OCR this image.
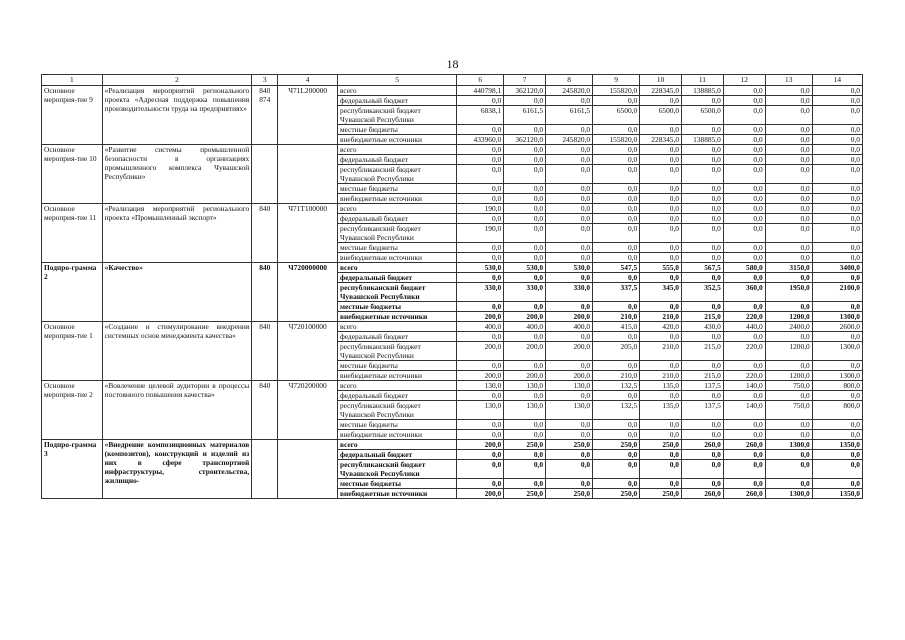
18
1	2	3	4	5	6	7	8	9	10	11	12	13	14
Основное мероприя-тие 9	«Реализация мероприятий регионального проекта «Адресная поддержка повышения производительности труда на предприятиях»	840 874	Ч71L200000	всего	440798,1	362120,0	245820,0	155820,0	228345,0	138885,0	0,0	0,0	0,0
				федеральный бюджет	0,0	0,0	0,0	0,0	0,0	0,0	0,0	0,0	0,0
				республиканский бюджет Чувашской Республики	6838,1	6161,5	6161,5	6500,0	6500,0	6500,0	0,0	0,0	0,0
				местные бюджеты	0,0	0,0	0,0	0,0	0,0	0,0	0,0	0,0	0,0
				внебюджетные источники	433960,0	362120,0	245820,0	155820,0	228345,0	138885,0	0,0	0,0	0,0
Основное мероприя-тие 10	«Развитие системы промышленной безопасности в организациях промышленного комплекса Чувашской Республики»			всего	0,0	0,0	0,0	0,0	0,0	0,0	0,0	0,0	0,0
				федеральный бюджет	0,0	0,0	0,0	0,0	0,0	0,0	0,0	0,0	0,0
				республиканский бюджет Чувашской Республики	0,0	0,0	0,0	0,0	0,0	0,0	0,0	0,0	0,0
				местные бюджеты	0,0	0,0	0,0	0,0	0,0	0,0	0,0	0,0	0,0
				внебюджетные источники	0,0	0,0	0,0	0,0	0,0	0,0	0,0	0,0	0,0
Основное мероприя-тие 11	«Реализация мероприятий регионального проекта «Промышленный экспорт»	840	Ч71Т100000	всего	190,0	0,0	0,0	0,0	0,0	0,0	0,0	0,0	0,0
				федеральный бюджет	0,0	0,0	0,0	0,0	0,0	0,0	0,0	0,0	0,0
				республиканский бюджет Чувашской Республики	190,0	0,0	0,0	0,0	0,0	0,0	0,0	0,0	0,0
				местные бюджеты	0,0	0,0	0,0	0,0	0,0	0,0	0,0	0,0	0,0
				внебюджетные источники	0,0	0,0	0,0	0,0	0,0	0,0	0,0	0,0	0,0
Подпро-грамма 2	«Качество»	840	Ч720000000	всего	530,0	530,0	530,0	547,5	555,0	567,5	580,0	3150,0	3400,0
				федеральный бюджет	0,0	0,0	0,0	0,0	0,0	0,0	0,0	0,0	0,0
				республиканский бюджет Чувашской Республики	330,0	330,0	330,0	337,5	345,0	352,5	360,0	1950,0	2100,0
				местные бюджеты	0,0	0,0	0,0	0,0	0,0	0,0	0,0	0,0	0,0
				внебюджетные источники	200,0	200,0	200,0	210,0	210,0	215,0	220,0	1200,0	1300,0
Основное мероприя-тие 1	«Создание и стимулирование внедрения системных основ менеджмента качества»	840	Ч720100000	всего	400,0	400,0	400,0	415,0	420,0	430,0	440,0	2400,0	2600,0
				федеральный бюджет	0,0	0,0	0,0	0,0	0,0	0,0	0,0	0,0	0,0
				республиканский бюджет Чувашской Республики	200,0	200,0	200,0	205,0	210,0	215,0	220,0	1200,0	1300,0
				местные бюджеты	0,0	0,0	0,0	0,0	0,0	0,0	0,0	0,0	0,0
				внебюджетные источники	200,0	200,0	200,0	210,0	210,0	215,0	220,0	1200,0	1300,0
Основное мероприя-тие 2	«Вовлечение целевой аудитории в процессы постоянного повышения качества»	840	Ч720200000	всего	130,0	130,0	130,0	132,5	135,0	137,5	140,0	750,0	800,0
				федеральный бюджет	0,0	0,0	0,0	0,0	0,0	0,0	0,0	0,0	0,0
				республиканский бюджет Чувашской Республики	130,0	130,0	130,0	132,5	135,0	137,5	140,0	750,0	800,0
				местные бюджеты	0,0	0,0	0,0	0,0	0,0	0,0	0,0	0,0	0,0
				внебюджетные источники	0,0	0,0	0,0	0,0	0,0	0,0	0,0	0,0	0,0
Подпро-грамма 3	«Внедрение композиционных материалов (композитов), конструкций и изделий из них в сфере транспортной инфраструктуры, строительства, жилищно-			всего	200,0	250,0	250,0	250,0	250,0	260,0	260,0	1300,0	1350,0
				федеральный бюджет	0,0	0,0	0,0	0,0	0,0	0,0	0,0	0,0	0,0
				республиканский бюджет Чувашской Республики	0,0	0,0	0,0	0,0	0,0	0,0	0,0	0,0	0,0
				местные бюджеты	0,0	0,0	0,0	0,0	0,0	0,0	0,0	0,0	0,0
				внебюджетные источники	200,0	250,0	250,0	250,0	250,0	260,0	260,0	1300,0	1350,0
